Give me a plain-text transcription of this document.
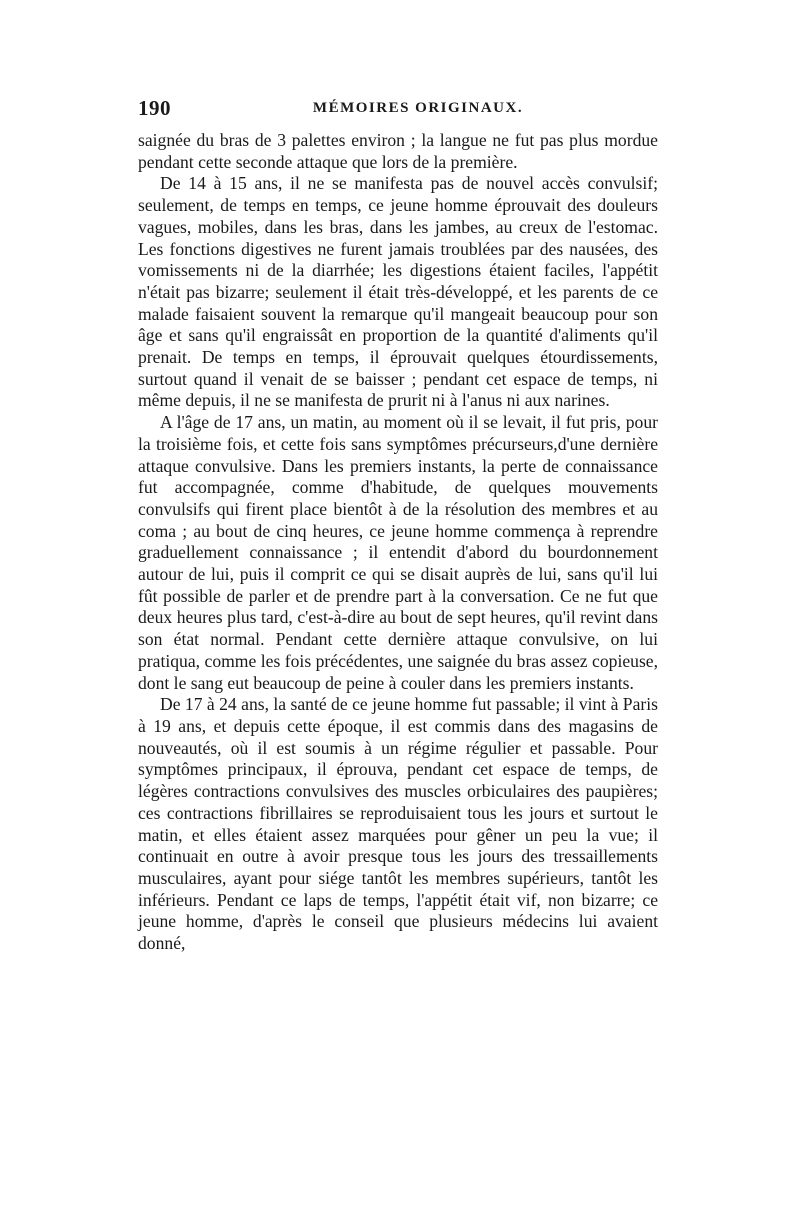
190	MÉMOIRES ORIGINAUX.

saignée du bras de 3 palettes environ ; la langue ne fut pas plus mordue pendant cette seconde attaque que lors de la première.

De 14 à 15 ans, il ne se manifesta pas de nouvel accès convulsif; seulement, de temps en temps, ce jeune homme éprouvait des douleurs vagues, mobiles, dans les bras, dans les jambes, au creux de l'estomac. Les fonctions digestives ne furent jamais troublées par des nausées, des vomissements ni de la diarrhée; les digestions étaient faciles, l'appétit n'était pas bizarre; seulement il était très-développé, et les parents de ce malade faisaient souvent la remarque qu'il mangeait beaucoup pour son âge et sans qu'il engraissât en proportion de la quantité d'aliments qu'il prenait. De temps en temps, il éprouvait quelques étourdissements, surtout quand il venait de se baisser ; pendant cet espace de temps, ni même depuis, il ne se manifesta de prurit ni à l'anus ni aux narines.

A l'âge de 17 ans, un matin, au moment où il se levait, il fut pris, pour la troisième fois, et cette fois sans symptômes précurseurs,d'une dernière attaque convulsive. Dans les premiers instants, la perte de connaissance fut accompagnée, comme d'habitude, de quelques mouvements convulsifs qui firent place bientôt à de la résolution des membres et au coma ; au bout de cinq heures, ce jeune homme commença à reprendre graduellement connaissance ; il entendit d'abord du bourdonnement autour de lui, puis il comprit ce qui se disait auprès de lui, sans qu'il lui fût possible de parler et de prendre part à la conversation. Ce ne fut que deux heures plus tard, c'est-à-dire au bout de sept heures, qu'il revint dans son état normal. Pendant cette dernière attaque convulsive, on lui pratiqua, comme les fois précédentes, une saignée du bras assez copieuse, dont le sang eut beaucoup de peine à couler dans les premiers instants.

De 17 à 24 ans, la santé de ce jeune homme fut passable; il vint à Paris à 19 ans, et depuis cette époque, il est commis dans des magasins de nouveautés, où il est soumis à un régime régulier et passable. Pour symptômes principaux, il éprouva, pendant cet espace de temps, de légères contractions convulsives des muscles orbiculaires des paupières; ces contractions fibrillaires se reproduisaient tous les jours et surtout le matin, et elles étaient assez marquées pour gêner un peu la vue; il continuait en outre à avoir presque tous les jours des tressaillements musculaires, ayant pour siége tantôt les membres supérieurs, tantôt les inférieurs. Pendant ce laps de temps, l'appétit était vif, non bizarre; ce jeune homme, d'après le conseil que plusieurs médecins lui avaient donné,
